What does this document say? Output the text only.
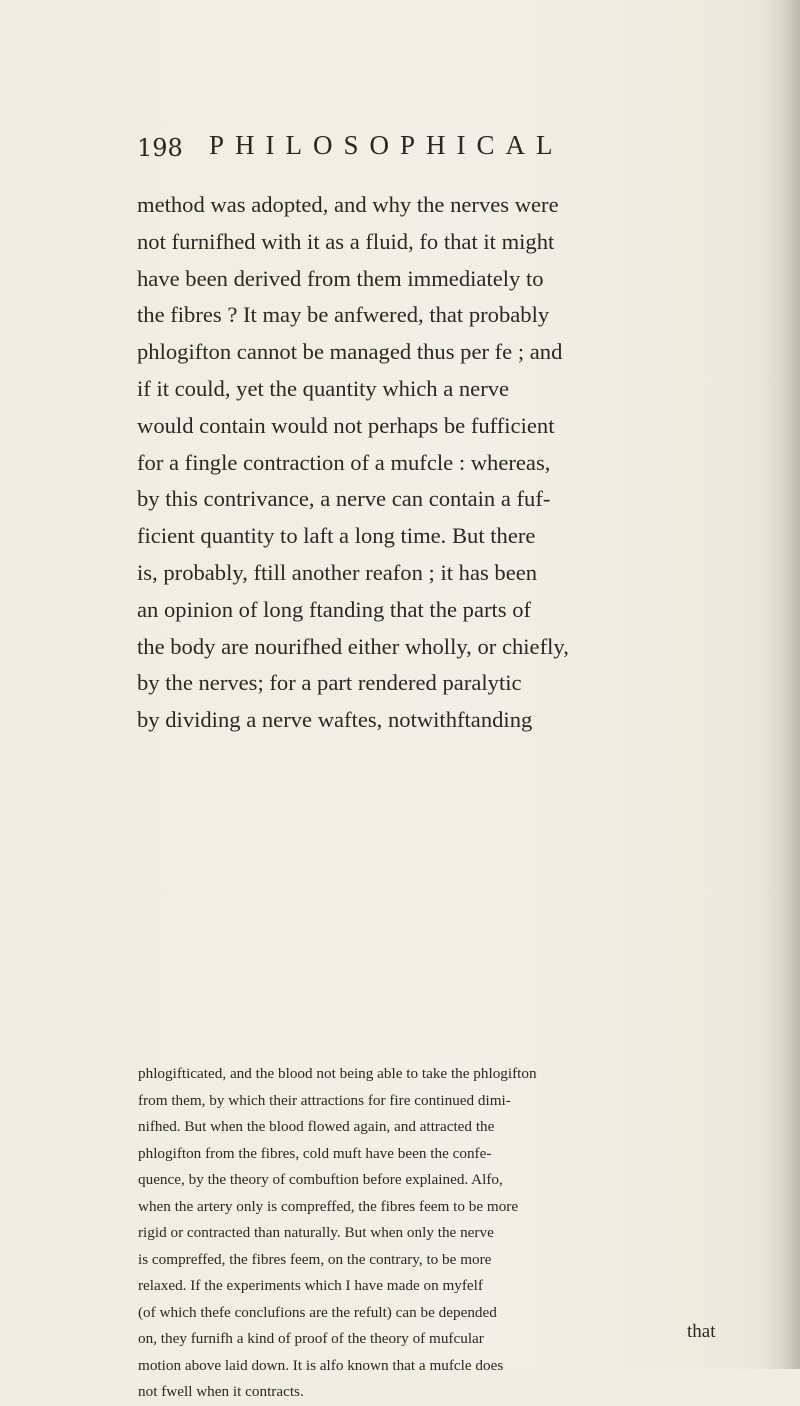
198 PHILOSOPHICAL
method was adopted, and why the nerves were
not furnifhed with it as a fluid, fo that it might
have been derived from them immediately to
the fibres ? It may be anfwered, that probably
phlogifton cannot be managed thus per fe ; and
if it could, yet the quantity which a nerve
would contain would not perhaps be fufficient
for a fingle contraction of a mufcle : whereas,
by this contrivance, a nerve can contain a fuf-
ficient quantity to laft a long time. But there
is, probably, ftill another reafon ; it has been
an opinion of long ftanding that the parts of
the body are nourifhed either wholly, or chiefly,
by the nerves; for a part rendered paralytic
by dividing a nerve waftes, notwithftanding
phlogifticated, and the blood not being able to take the phlogifton
from them, by which their attractions for fire continued dimi-
nifhed. But when the blood flowed again, and attracted the
phlogifton from the fibres, cold muft have been the confe-
quence, by the theory of combuftion before explained. Alfo,
when the artery only is compreffed, the fibres feem to be more
rigid or contracted than naturally. But when only the nerve
is compreffed, the fibres feem, on the contrary, to be more
relaxed. If the experiments which I have made on myfelf
(of which thefe conclufions are the refult) can be depended
on, they furnifh a kind of proof of the theory of mufcular
motion above laid down. It is alfo known that a mufcle does
not fwell when it contracts.
that
